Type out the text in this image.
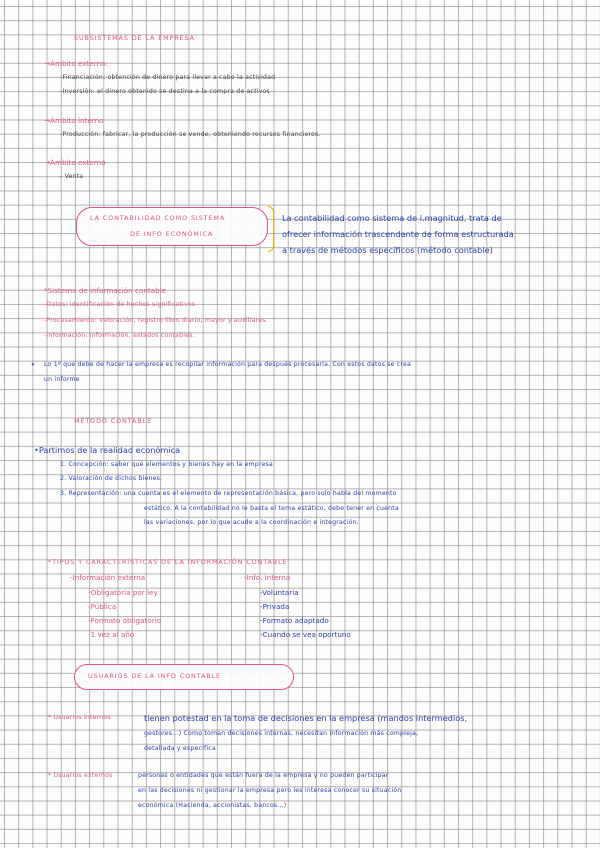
SUBSISTEMAS DE LA EMPRESA
→Ámbito externo:
-Financiación: obtención de dinero para llevar a cabo la actividad
-Inversión: el dinero obtenido se destina a la compra de activos
→Ámbito interno
-Producción: fabricar, la producción se vende, obteniendo recursos financieros.
→Ámbito externo
- Venta
LA CONTABILIDAD COMO SISTEMA
DE INFO ECONÓMICA
La contabilidad como sistema de i.magnitud, trata de
ofrecer información trascendente de forma estructurada
a través de métodos específicos (método contable)
*Sistema de información contable
-Datos: identificación de hechos significativos
-Procesamiento: valoración, registro libro diario, mayor y auxiliares.
-Información: información, estados contables.
⋆ Lo 1º que debe de hacer la empresa es recopilar información para después procesarla. Con estos datos se crea
un informe
MÉTODO CONTABLE
•Partimos de la realidad económica
1. Concepción: saber qué elementos y bienes hay en la empresa
2. Valoración de dichos bienes.
3. Representación: una cuenta es el elemento de representación básica, pero solo habla del momento
estático. A la contabilidad no le basta el tema estático, debe tener en cuenta
las variaciones, por lo que acude a la coordinación e integración.
*TIPOS Y CARACTERÍSTICAS DE LA INFORMACIÓN CONTABLE
-Información externa
-Obligatoria por ley
-Pública
-Formato obligatorio
-1 vez al año
-Info. interna
-Voluntaria
-Privada
-Formato adaptado
-Cuando se vea oportuno
USUARIOS DE LA INFO CONTABLE
* Usuarios internos	tienen potestad en la toma de decisiones en la empresa (mandos intermedios,
gestores...) Como toman decisiones internas, necesitan información más compleja,
detallada y específica
* Usuarios externos	personas o entidades que están fuera de la empresa y no pueden participar
en las decisiones ni gestionar la empresa pero les interesa conocer su situación
económica (Hacienda, accionistas, bancos...)
